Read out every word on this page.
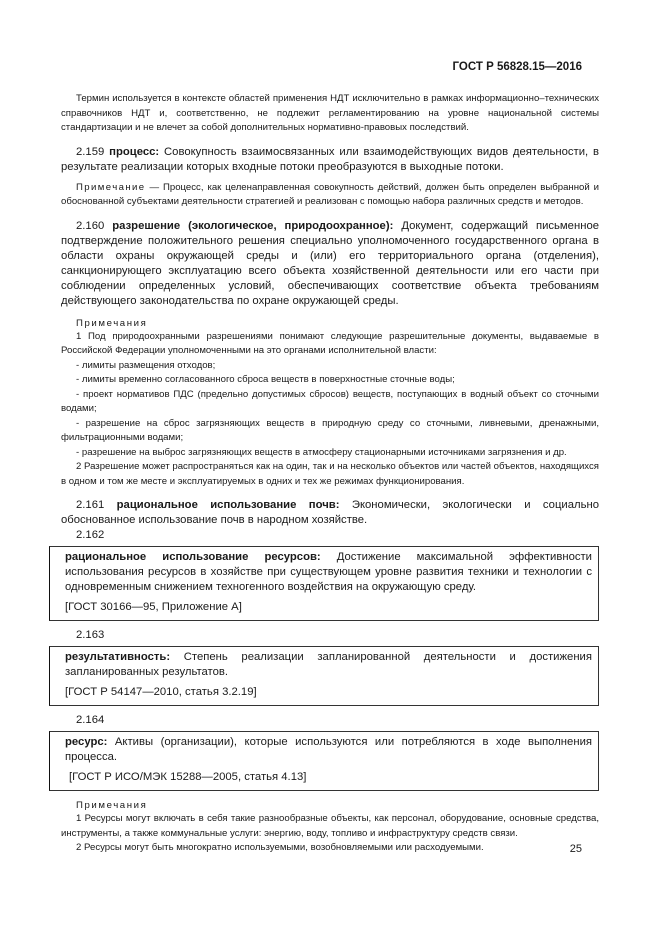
ГОСТ Р 56828.15—2016

Термин используется в контексте областей применения НДТ исключительно в рамках информационно–технических справочников НДТ и, соответственно, не подлежит регламентированию на уровне национальной системы стандартизации и не влечет за собой дополнительных нормативно-правовых последствий.

2.159 процесс: Совокупность взаимосвязанных или взаимодействующих видов деятельности, в результате реализации которых входные потоки преобразуются в выходные потоки.

Примечание — Процесс, как целенаправленная совокупность действий, должен быть определен выбранной и обоснованной субъектами деятельности стратегией и реализован с помощью набора различных средств и методов.

2.160 разрешение (экологическое, природоохранное): Документ, содержащий письменное подтверждение положительного решения специально уполномоченного государственного органа в области охраны окружающей среды и (или) его территориального органа (отделения), санкционирующего эксплуатацию всего объекта хозяйственной деятельности или его части при соблюдении определенных условий, обеспечивающих соответствие объекта требованиям действующего законодательства по охране окружающей среды.

Примечания

1 Под природоохранными разрешениями понимают следующие разрешительные документы, выдаваемые в Российской Федерации уполномоченными на это органами исполнительной власти:

- лимиты размещения отходов;

- лимиты временно согласованного сброса веществ в поверхностные сточные воды;

- проект нормативов ПДС (предельно допустимых сбросов) веществ, поступающих в водный объект со сточными водами;

- разрешение на сброс загрязняющих веществ в природную среду со сточными, ливневыми, дренажными, фильтрационными водами;

- разрешение на выброс загрязняющих веществ в атмосферу стационарными источниками загрязнения и др.

2 Разрешение может распространяться как на один, так и на несколько объектов или частей объектов, находящихся в одном и том же месте и эксплуатируемых в одних и тех же режимах функционирования.

2.161 рациональное использование почв: Экономически, экологически и социально обоснованное использование почв в народном хозяйстве.

2.162

рациональное использование ресурсов: Достижение максимальной эффективности использования ресурсов в хозяйстве при существующем уровне развития техники и технологии с одновременным снижением техногенного воздействия на окружающую среду.

[ГОСТ 30166—95, Приложение А]

2.163

результативность: Степень реализации запланированной деятельности и достижения запланированных результатов.

[ГОСТ Р 54147—2010, статья 3.2.19]

2.164

ресурс: Активы (организации), которые используются или потребляются в ходе выполнения процесса.

[ГОСТ Р ИСО/МЭК 15288—2005, статья 4.13]

Примечания

1 Ресурсы могут включать в себя такие разнообразные объекты, как персонал, оборудование, основные средства, инструменты, а также коммунальные услуги: энергию, воду, топливо и инфраструктуру средств связи.

2 Ресурсы могут быть многократно используемыми, возобновляемыми или расходуемыми.	25
